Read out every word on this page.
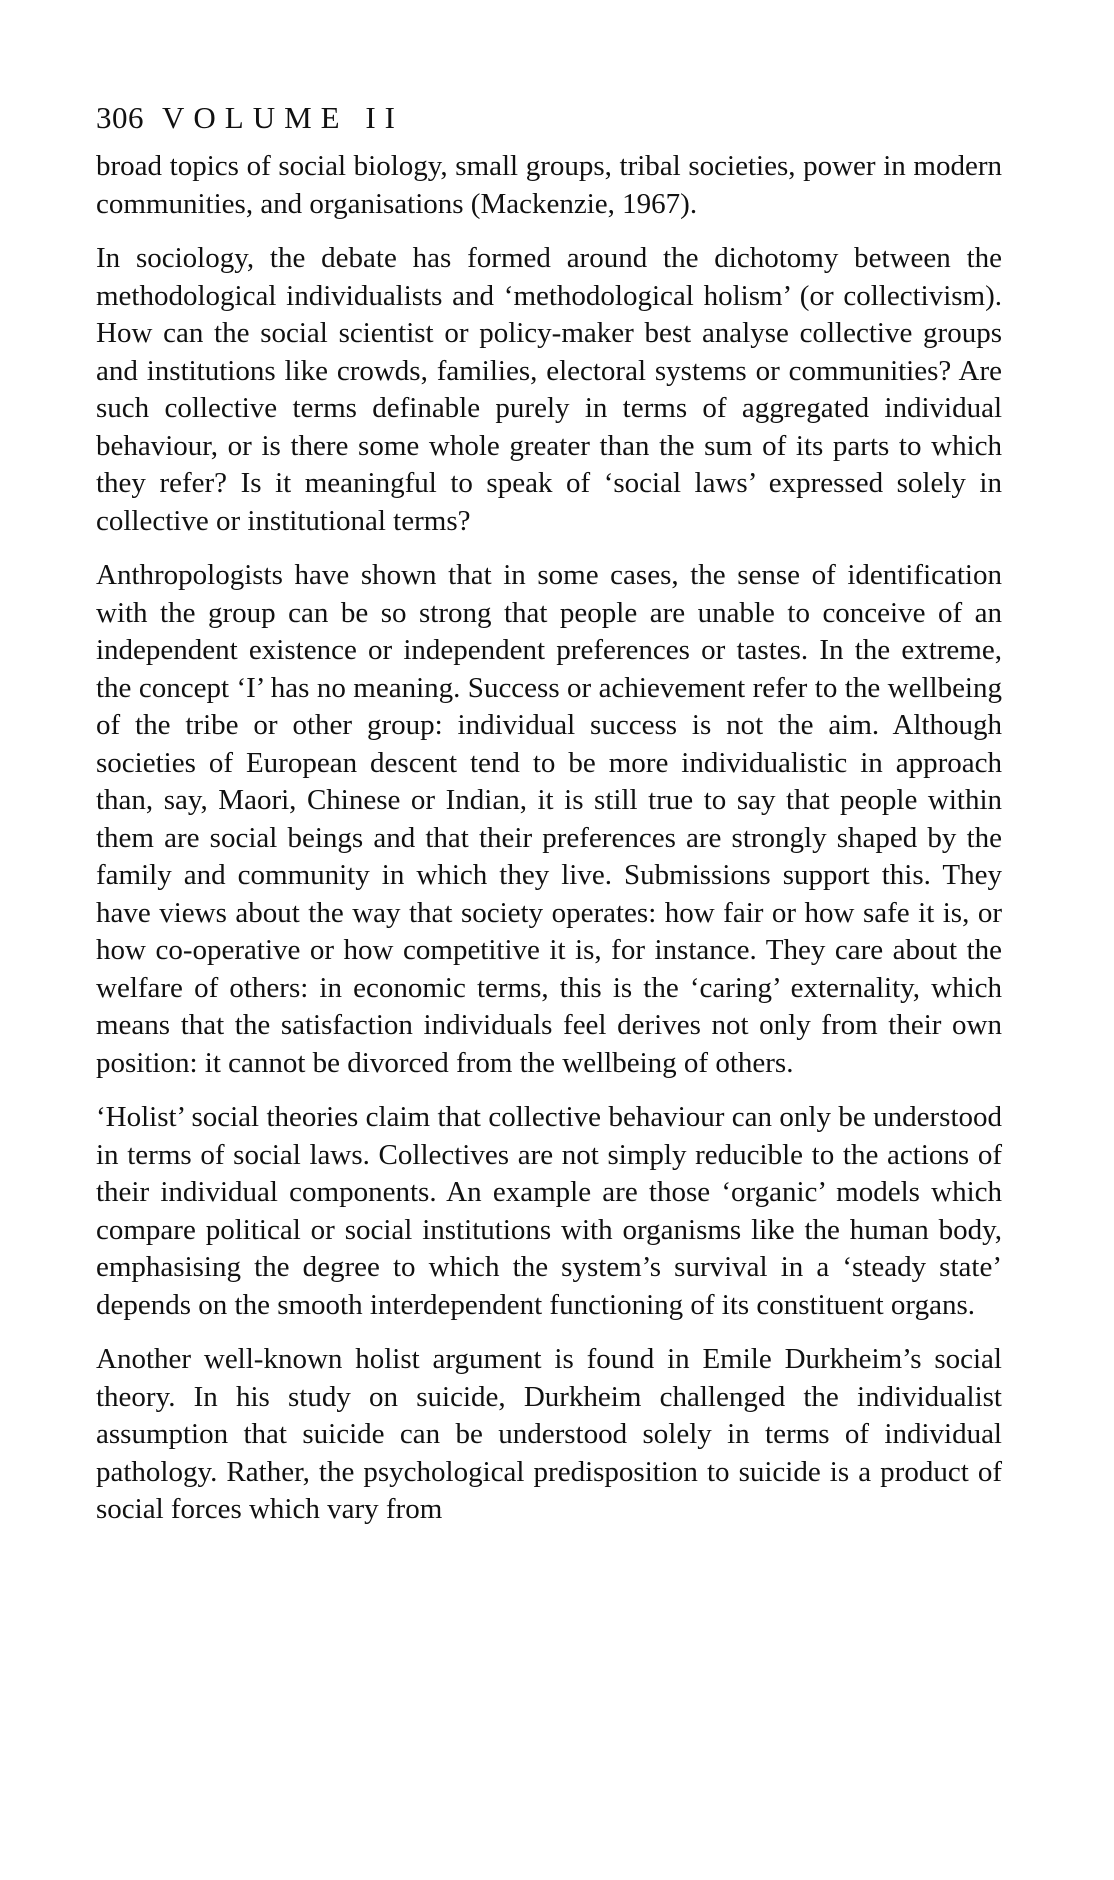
306 VOLUME II

broad topics of social biology, small groups, tribal societies, power in modern communities, and organisations (Mackenzie, 1967).

In sociology, the debate has formed around the dichotomy between the methodological individualists and ‘methodological holism’ (or collectivism). How can the social scientist or policy-maker best analyse collective groups and institutions like crowds, families, electoral systems or communities? Are such collective terms definable purely in terms of aggregated individual behaviour, or is there some whole greater than the sum of its parts to which they refer? Is it meaningful to speak of ‘social laws’ expressed solely in collective or institutional terms?

Anthropologists have shown that in some cases, the sense of identification with the group can be so strong that people are unable to conceive of an independent existence or independent preferences or tastes. In the extreme, the concept ‘I’ has no meaning. Success or achievement refer to the wellbeing of the tribe or other group: individual success is not the aim. Although societies of European descent tend to be more individualistic in approach than, say, Maori, Chinese or Indian, it is still true to say that people within them are social beings and that their preferences are strongly shaped by the family and community in which they live. Submissions support this. They have views about the way that society operates: how fair or how safe it is, or how co-operative or how competitive it is, for instance. They care about the welfare of others: in economic terms, this is the ‘caring’ externality, which means that the satisfaction individuals feel derives not only from their own position: it cannot be divorced from the wellbeing of others.

‘Holist’ social theories claim that collective behaviour can only be understood in terms of social laws. Collectives are not simply reducible to the actions of their individual components. An example are those ‘organic’ models which compare political or social institutions with organisms like the human body, emphasising the degree to which the system’s survival in a ‘steady state’ depends on the smooth interdependent functioning of its constituent organs.

Another well-known holist argument is found in Emile Durkheim’s social theory. In his study on suicide, Durkheim challenged the individualist assumption that suicide can be understood solely in terms of individual pathology. Rather, the psychological predisposition to suicide is a product of social forces which vary from
